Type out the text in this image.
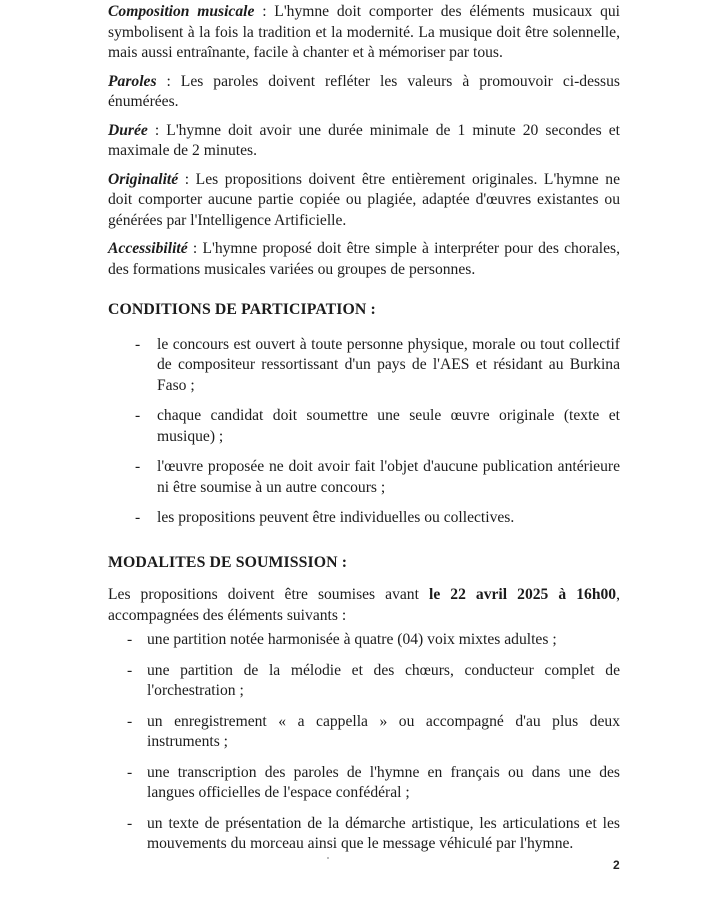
Composition musicale : L'hymne doit comporter des éléments musicaux qui symbolisent à la fois la tradition et la modernité. La musique doit être solennelle, mais aussi entraînante, facile à chanter et à mémoriser par tous.

Paroles : Les paroles doivent refléter les valeurs à promouvoir ci-dessus énumérées.

Durée : L'hymne doit avoir une durée minimale de 1 minute 20 secondes et maximale de 2 minutes.

Originalité : Les propositions doivent être entièrement originales. L'hymne ne doit comporter aucune partie copiée ou plagiée, adaptée d'œuvres existantes ou générées par l'Intelligence Artificielle.

Accessibilité : L'hymne proposé doit être simple à interpréter pour des chorales, des formations musicales variées ou groupes de personnes.

CONDITIONS DE PARTICIPATION :
- le concours est ouvert à toute personne physique, morale ou tout collectif de compositeur ressortissant d'un pays de l'AES et résidant au Burkina Faso ;
- chaque candidat doit soumettre une seule œuvre originale (texte et musique) ;
- l'œuvre proposée ne doit avoir fait l'objet d'aucune publication antérieure ni être soumise à un autre concours ;
- les propositions peuvent être individuelles ou collectives.
MODALITES DE SOUMISSION :

Les propositions doivent être soumises avant le 22 avril 2025 à 16h00, accompagnées des éléments suivants :

- une partition notée harmonisée à quatre (04) voix mixtes adultes ;
- une partition de la mélodie et des chœurs, conducteur complet de l'orchestration ;
- un enregistrement « a cappella » ou accompagné d'au plus deux instruments ;
- une transcription des paroles de l'hymne en français ou dans une des langues officielles de l'espace confédéral ;
- un texte de présentation de la démarche artistique, les articulations et les mouvements du morceau ainsi que le message véhiculé par l'hymne.
2
